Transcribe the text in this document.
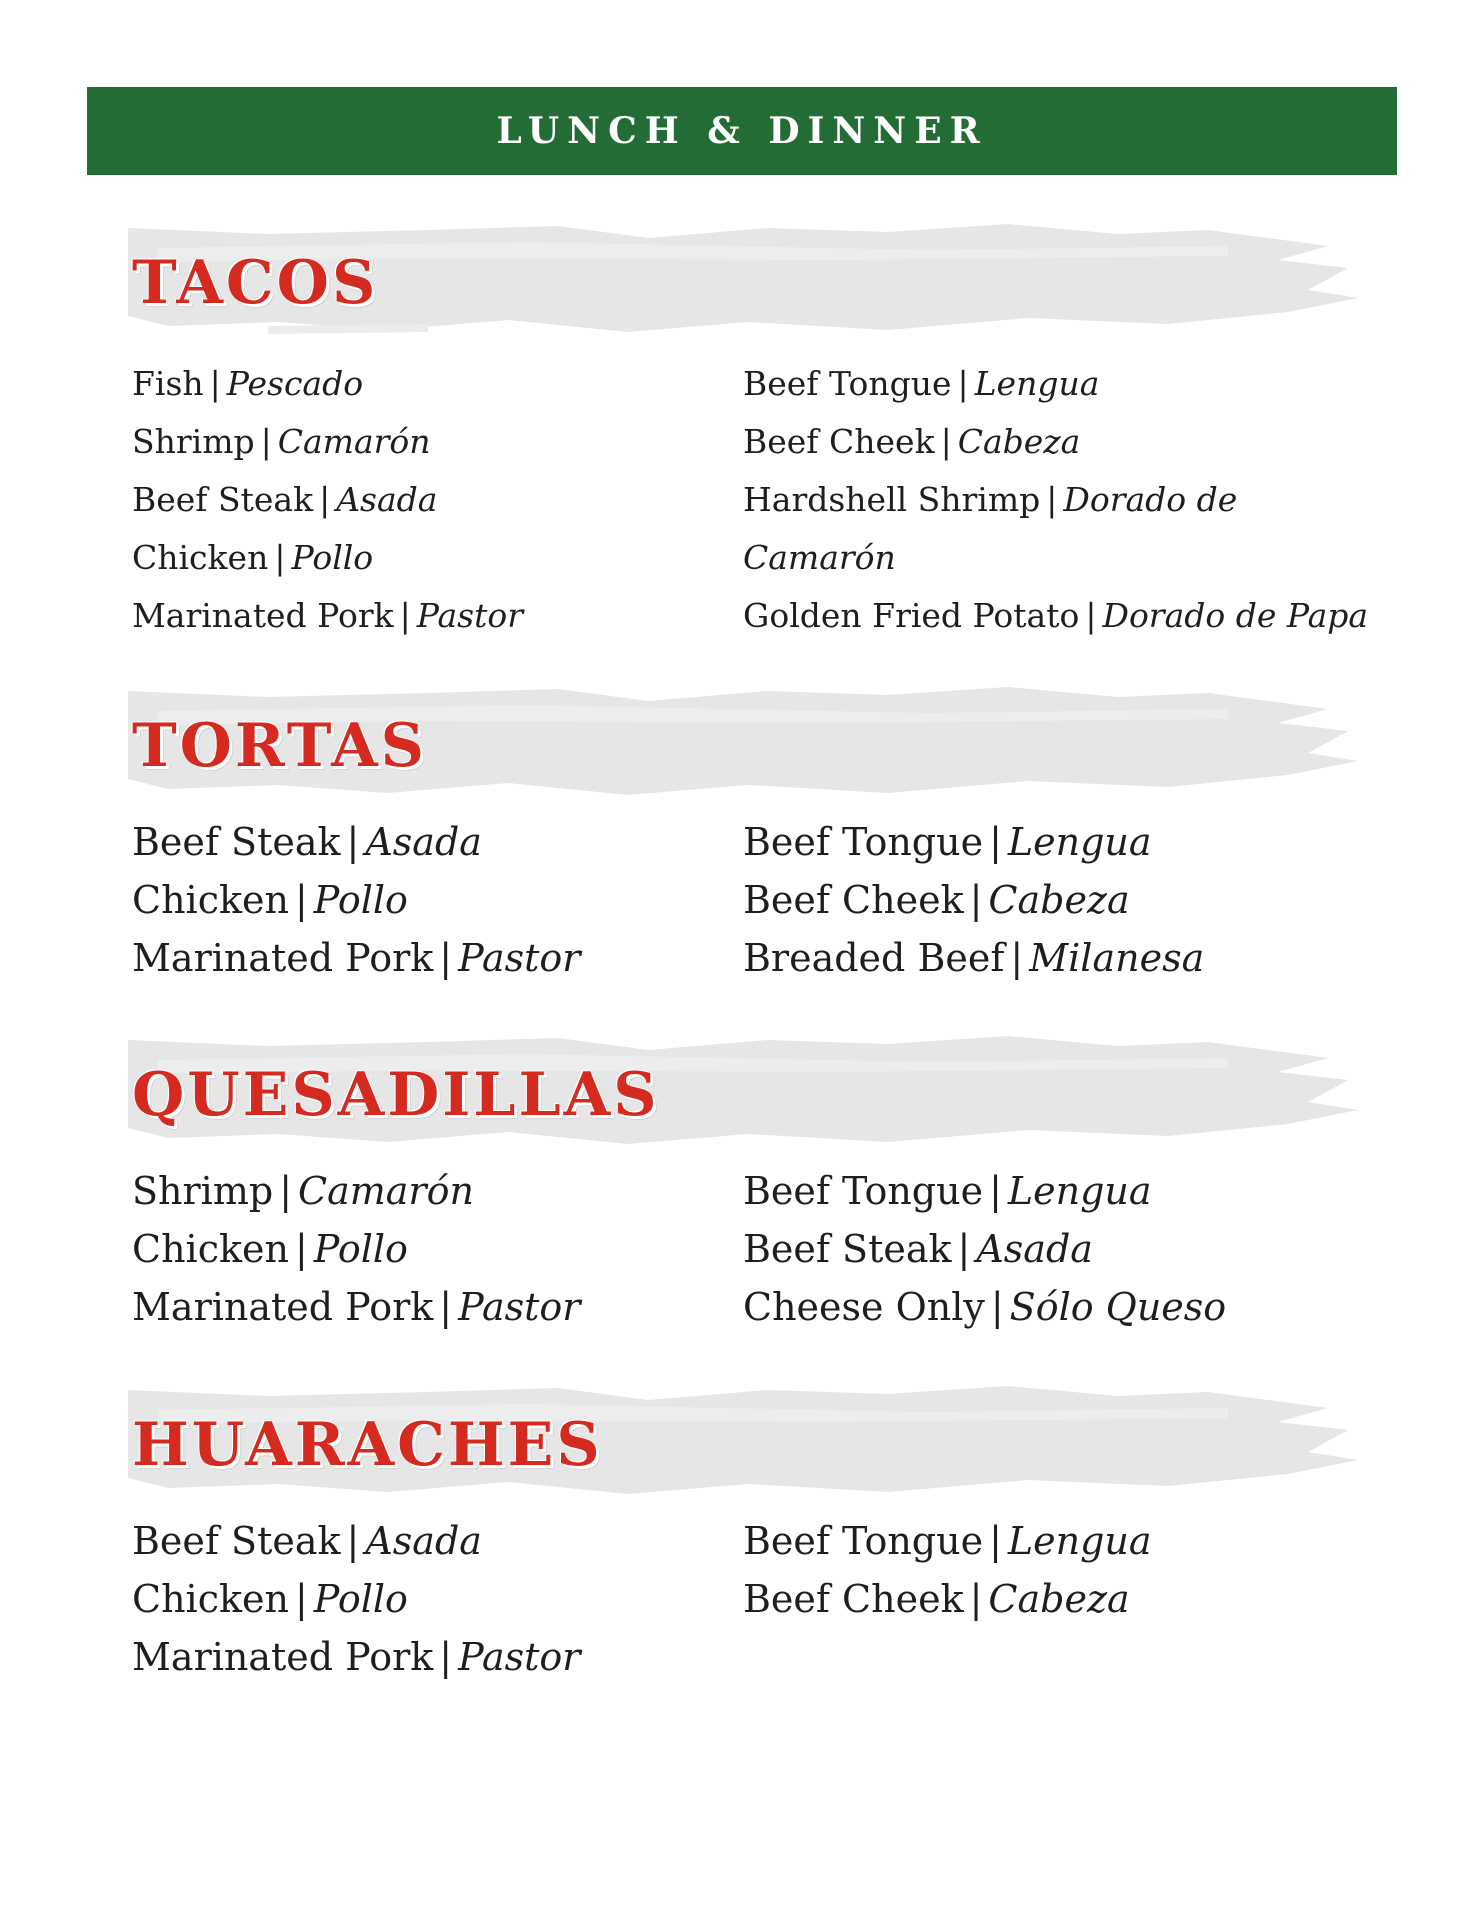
LUNCH & DINNER
TACOS
Fish | Pescado
Shrimp | Camarón
Beef Steak | Asada
Chicken | Pollo
Marinated Pork | Pastor
Beef Tongue | Lengua
Beef Cheek | Cabeza
Hardshell Shrimp | Dorado de
Camarón
Golden Fried Potato | Dorado de Papa
TORTAS
Beef Steak | Asada
Chicken | Pollo
Marinated Pork | Pastor
Beef Tongue | Lengua
Beef Cheek | Cabeza
Breaded Beef | Milanesa
QUESADILLAS
Shrimp | Camarón
Chicken | Pollo
Marinated Pork | Pastor
Beef Tongue | Lengua
Beef Steak | Asada
Cheese Only | Sólo Queso
HUARACHES
Beef Steak | Asada
Chicken | Pollo
Marinated Pork | Pastor
Beef Tongue | Lengua
Beef Cheek | Cabeza
